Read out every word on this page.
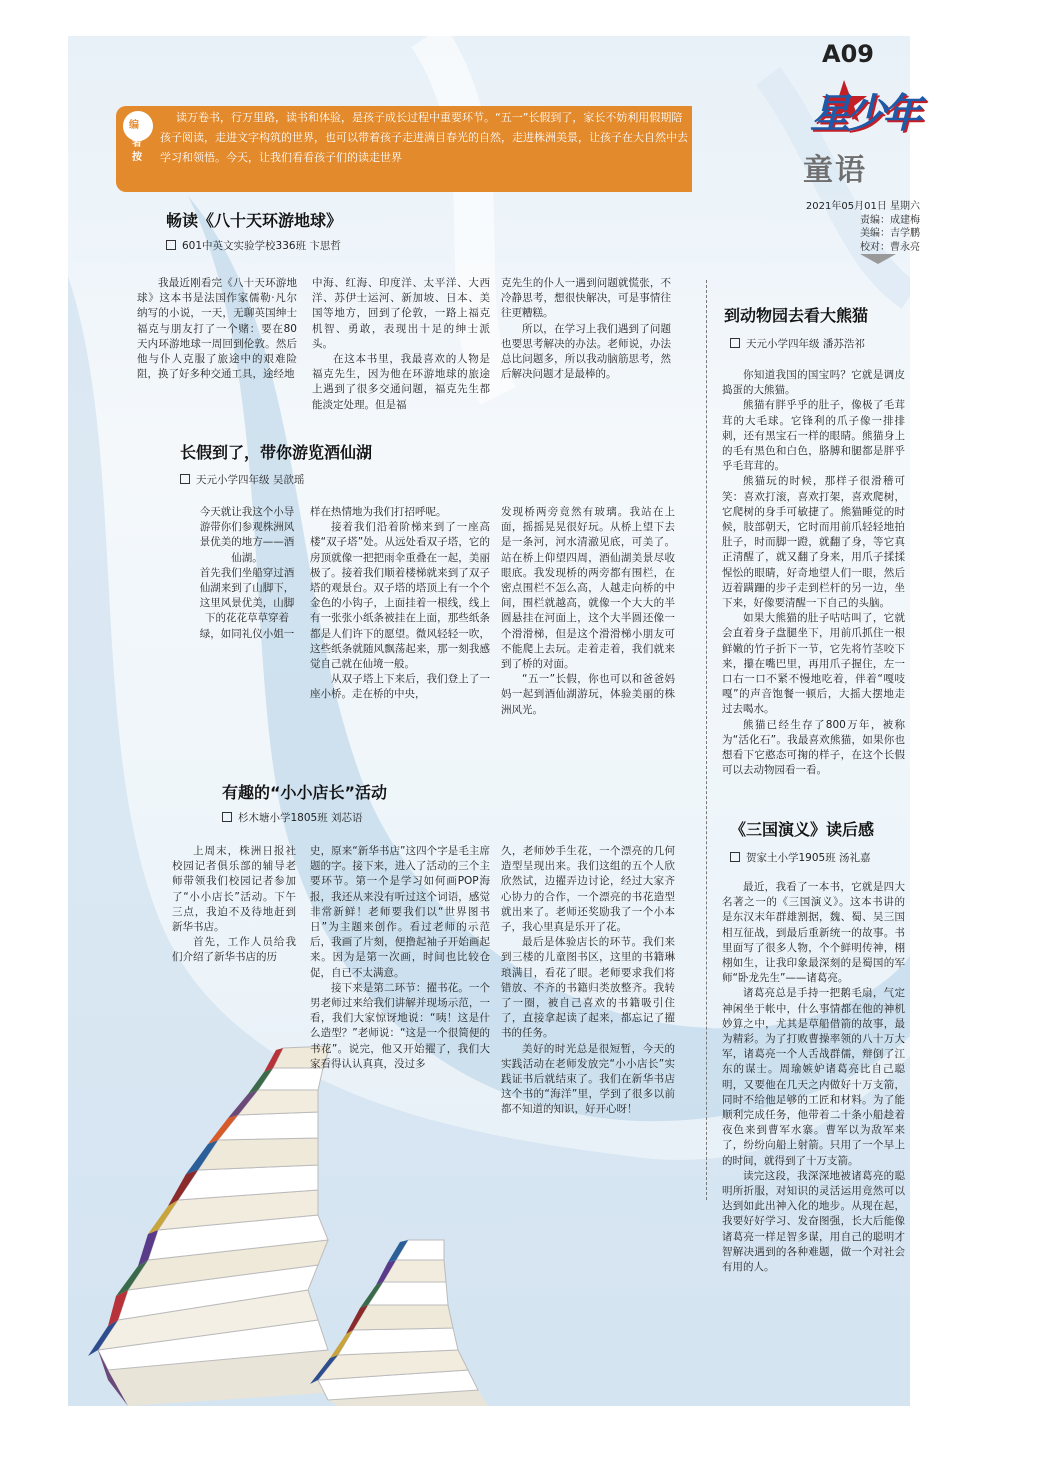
A09
星少年
童语
2021年05月01日 星期六
责编：成建梅
美编：吉学鹏
校对：曹永亮
编
者
按
读万卷书，行万里路，读书和体验，是孩子成长过程中重要环节。“五一”长假到了，家长不妨利用假期陪孩子阅读，走进文字构筑的世界，也可以带着孩子走进满目春光的自然，走进株洲美景，让孩子在大自然中去学习和领悟。今天，让我们看看孩子们的读走世界
畅读《八十天环游地球》
601中英文实验学校336班 卞思哲

我最近刚看完《八十天环游地球》这本书是法国作家儒勒·凡尔纳写的小说，一天，无聊英国绅士福克与朋友打了一个赌：要在80天内环游地球一周回到伦敦。然后他与仆人克服了旅途中的艰难险阻，换了好多种交通工具，途经地

中海、红海、印度洋、太平洋、大西洋、苏伊士运河、新加坡、日本、美国等地方，回到了伦敦，一路上福克机智、勇敢，表现出十足的绅士派头。

在这本书里，我最喜欢的人物是福克先生，因为他在环游地球的旅途上遇到了很多交通问题，福克先生都能淡定处理。但是福

克先生的仆人一遇到问题就慌张，不冷静思考，想很快解决，可是事情往往更糟糕。

所以，在学习上我们遇到了问题也要思考解决的办法。老师说，办法总比问题多，所以我动脑筋思考，然后解决问题才是最棒的。

长假到了，带你游览酒仙湖
天元小学四年级 吴歆瑶

今天就让我这个小导游带你们参观株洲风景优美的地方——酒仙湖。

首先我们坐船穿过酒仙湖来到了山脚下，这里风景优美，山脚下的花花草草穿着绿，如同礼仪小姐一

样在热情地为我们打招呼呢。

接着我们沿着阶梯来到了一座高楼“双子塔”处。从远处看双子塔，它的房顶就像一把把雨伞重叠在一起，美丽极了。接着我们顺着楼梯就来到了双子塔的观景台。双子塔的塔顶上有一个个金色的小钩子，上面挂着一根线，线上有一张张小纸条被挂在上面，那些纸条都是人们许下的愿望。微风轻轻一吹，这些纸条就随风飘荡起来，那一刻我感觉自己就在仙境一般。

从双子塔上下来后，我们登上了一座小桥。走在桥的中央，

发现桥两旁竟然有玻璃。我站在上面，摇摇晃晃很好玩。从桥上望下去是一条河，河水清澈见底，可美了。站在桥上仰望四周，酒仙湖美景尽收眼底。我发现桥的两旁都有围栏，在密点围栏不怎么高，人越走向桥的中间，围栏就越高，就像一个大大的半圆悬挂在河面上，这个大半圆还像一个滑滑梯，但是这个滑滑梯小朋友可不能爬上去玩。走着走着，我们就来到了桥的对面。

“五一”长假，你也可以和爸爸妈妈一起到酒仙湖游玩，体验美丽的株洲风光。

有趣的“小小店长”活动
杉木塘小学1805班 刘芯语

上周末，株洲日报社校园记者俱乐部的辅导老师带领我们校园记者参加了“小小店长”活动。下午三点，我迫不及待地赶到新华书店。

首先，工作人员给我们介绍了新华书店的历

史，原来“新华书店”这四个字是毛主席题的字。接下来，进入了活动的三个主要环节。第一个是学习如何画POP海报，我还从来没有听过这个词语，感觉非常新鲜！老师要我们以“世界图书日”为主题来创作。看过老师的示范后，我画了片刻，便撸起袖子开始画起来。因为是第一次画，时间也比较仓促，自已不太满意。

接下来是第二环节：擢书花。一个男老师过来给我们讲解并现场示范，一看，我们大家惊讶地说：“咦！这是什么造型？”老师说：“这是一个很简便的书花”。说完，他又开始擢了，我们大家看得认认真真，没过多

久，老师妙手生花，一个漂亮的几何造型呈现出来。我们这组的五个人欣欣然试，边擢弄边讨论，经过大家齐心协力的合作，一个漂亮的书花造型就出来了。老师还奖励我了一个小本子，我心里真是乐开了花。

最后是体验店长的环节。我们来到三楼的儿童图书区，这里的书籍琳琅满目，看花了眼。老师要求我们将错放、不齐的书籍归类放整齐。我转了一圈，被自己喜欢的书籍吸引住了，直接拿起读了起来，都忘记了擢书的任务。

美好的时光总是很短暂，今天的实践活动在老师发放完“小小店长”实践证书后就结束了。我们在新华书店这个书的“海洋”里，学到了很多以前都不知道的知识，好开心呀！

到动物园去看大熊猫
天元小学四年级 潘苏浩祁

你知道我国的国宝吗？它就是调皮捣蛋的大熊猫。

熊猫有胖乎乎的肚子，像极了毛茸茸的大毛球。它锋利的爪子像一排排刺，还有黑宝石一样的眼睛。熊猫身上的毛有黑色和白色，胳膊和腿都是胖乎乎毛茸茸的。

熊猫玩的时候，那样子很滑稽可笑：喜欢打滚，喜欢打架，喜欢爬树，它爬树的身手可敏捷了。熊猫睡觉的时候，肢部朝天，它时而用前爪轻轻地拍肚子，时而脚一蹬，就翻了身，等它真正清醒了，就又翻了身来，用爪子揉揉惺忪的眼睛，好奇地望人们一眼，然后迈着蹒跚的步子走到栏杆的另一边，坐下来，好像要清醒一下自己的头脑。

如果大熊猫的肚子咕咕叫了，它就会直着身子盘腿坐下，用前爪抓住一根鲜嫩的竹子折下一节，它先将竹茎咬下来，攥在嘴巴里，再用爪子握住，左一口右一口不紧不慢地吃着，伴着“嘎吱嘎”的声音饱餐一顿后，大摇大摆地走过去喝水。

熊猫已经生存了800万年，被称为“活化石”。我最喜欢熊猫，如果你也想看下它憨态可掬的样子，在这个长假可以去动物园看一看。

《三国演义》读后感
贺家土小学1905班 汤礼嘉

最近，我看了一本书，它就是四大名著之一的《三国演义》。这本书讲的是东汉末年群雄割据，魏、蜀、吴三国相互征战，到最后重新统一的故事。书里面写了很多人物，个个鲜明传神，栩栩如生，让我印象最深刻的是蜀国的军师“卧龙先生”——诸葛亮。

诸葛亮总是手持一把鹅毛扇，气定神闲坐于帐中，什么事情都在他的神机妙算之中，尤其是草船借箭的故事，最为精彩。为了打败曹操率领的八十万大军，诸葛亮一个人舌战群儒，辩倒了江东的谋士。周瑜嫉妒诸葛亮比自己聪明，又要他在几天之内做好十万支箭，同时不给他足够的工匠和材料。为了能顺利完成任务，他带着二十条小船趁着夜色来到曹军水寨。曹军以为敌军来了，纷纷向船上射箭。只用了一个早上的时间，就得到了十万支箭。

读完这段，我深深地被诸葛亮的聪明所折服，对知识的灵活运用竟然可以达到如此出神入化的地步。从现在起，我要好好学习、发奋图强，长大后能像诸葛亮一样足智多谋，用自己的聪明才智解决遇到的各种难题，做一个对社会有用的人。
